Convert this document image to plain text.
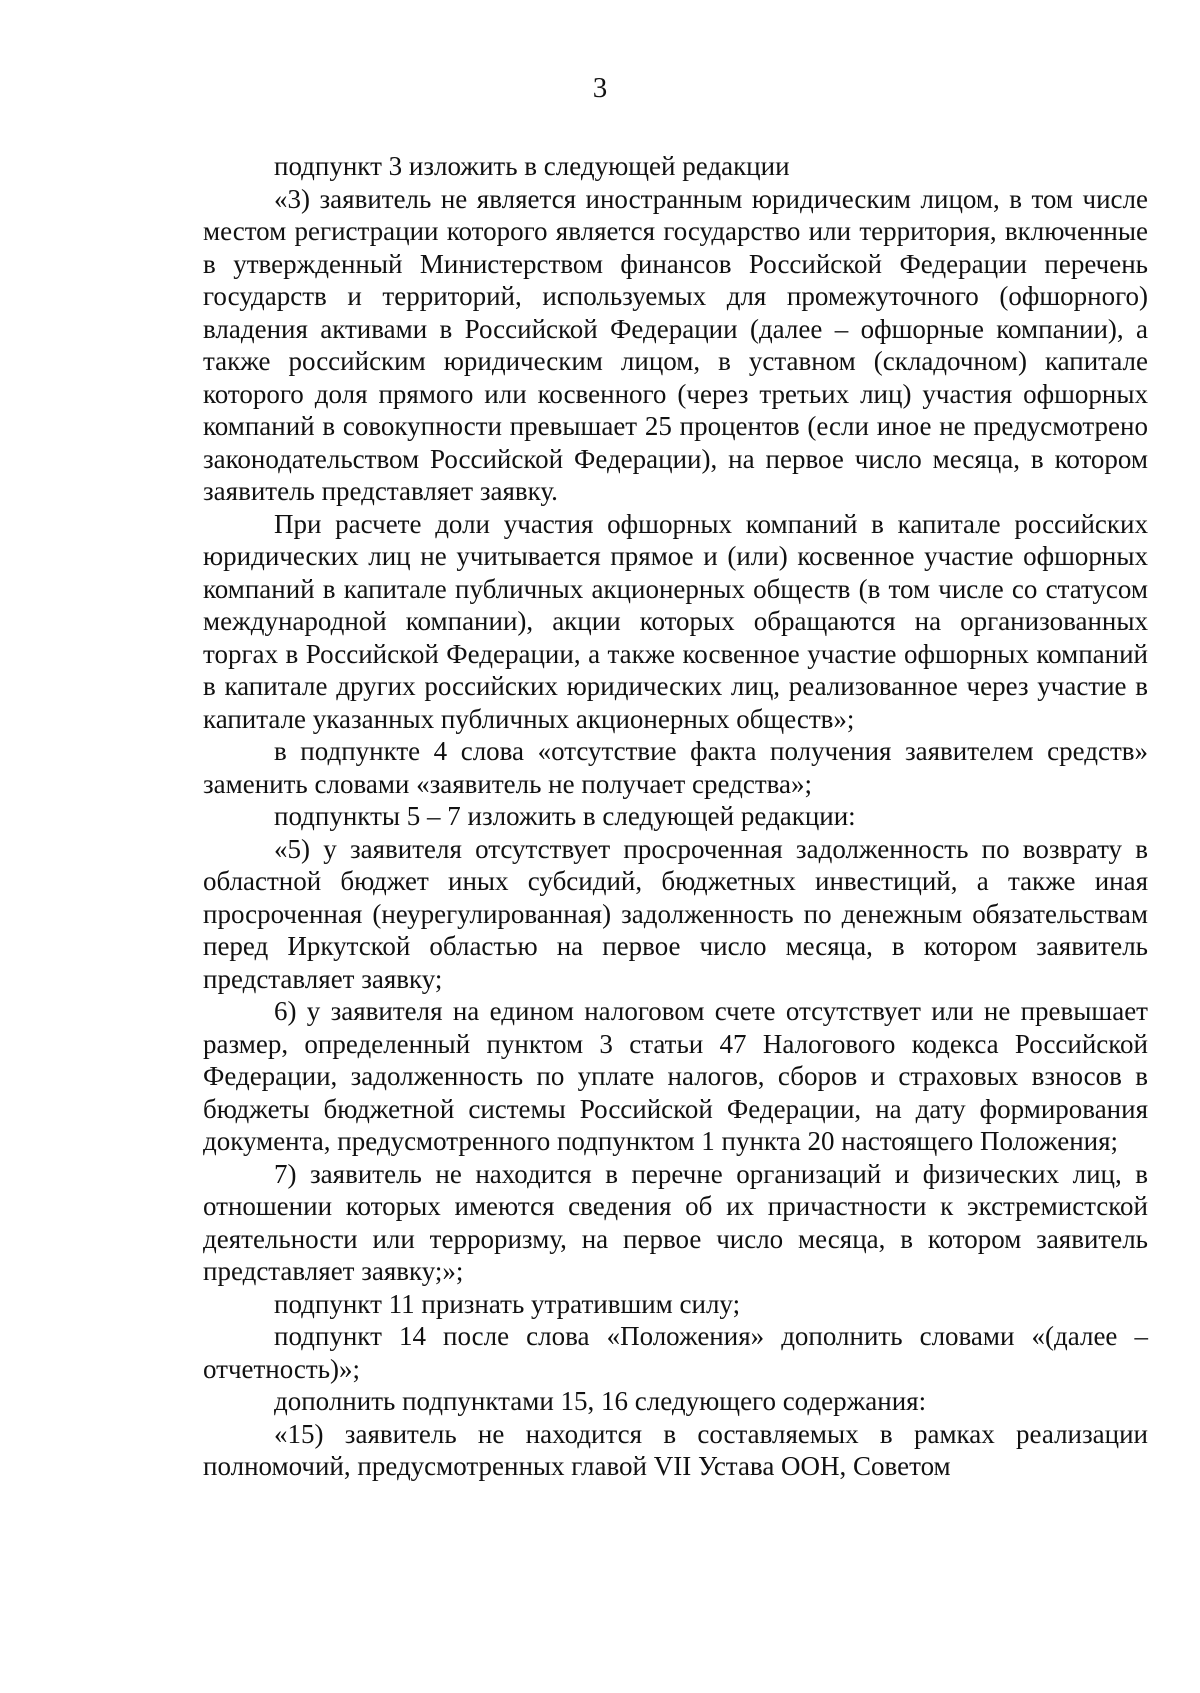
3

подпункт 3 изложить в следующей редакции

«3) заявитель не является иностранным юридическим лицом, в том числе местом регистрации которого является государство или территория, включенные в утвержденный Министерством финансов Российской Федерации перечень государств и территорий, используемых для промежуточного (офшорного) владения активами в Российской Федерации (далее – офшорные компании), а также российским юридическим лицом, в уставном (складочном) капитале которого доля прямого или косвенного (через третьих лиц) участия офшорных компаний в совокупности превышает 25 процентов (если иное не предусмотрено законодательством Российской Федерации), на первое число месяца, в котором заявитель представляет заявку.

При расчете доли участия офшорных компаний в капитале российских юридических лиц не учитывается прямое и (или) косвенное участие офшорных компаний в капитале публичных акционерных обществ (в том числе со статусом международной компании), акции которых обращаются на организованных торгах в Российской Федерации, а также косвенное участие офшорных компаний в капитале других российских юридических лиц, реализованное через участие в капитале указанных публичных акционерных обществ»;

в подпункте 4 слова «отсутствие факта получения заявителем средств» заменить словами «заявитель не получает средства»;

подпункты 5 – 7 изложить в следующей редакции:

«5) у заявителя отсутствует просроченная задолженность по возврату в областной бюджет иных субсидий, бюджетных инвестиций, а также иная просроченная (неурегулированная) задолженность по денежным обязательствам перед Иркутской областью на первое число месяца, в котором заявитель представляет заявку;

6) у заявителя на едином налоговом счете отсутствует или не превышает размер, определенный пунктом 3 статьи 47 Налогового кодекса Российской Федерации, задолженность по уплате налогов, сборов и страховых взносов в бюджеты бюджетной системы Российской Федерации, на дату формирования документа, предусмотренного подпунктом 1 пункта 20 настоящего Положения;

7) заявитель не находится в перечне организаций и физических лиц, в отношении которых имеются сведения об их причастности к экстремистской деятельности или терроризму, на первое число месяца, в котором заявитель представляет заявку;»;

подпункт 11 признать утратившим силу;

подпункт 14 после слова «Положения» дополнить словами «(далее – отчетность)»;

дополнить подпунктами 15, 16 следующего содержания:

«15) заявитель не находится в составляемых в рамках реализации полномочий, предусмотренных главой VII Устава ООН, Советом
